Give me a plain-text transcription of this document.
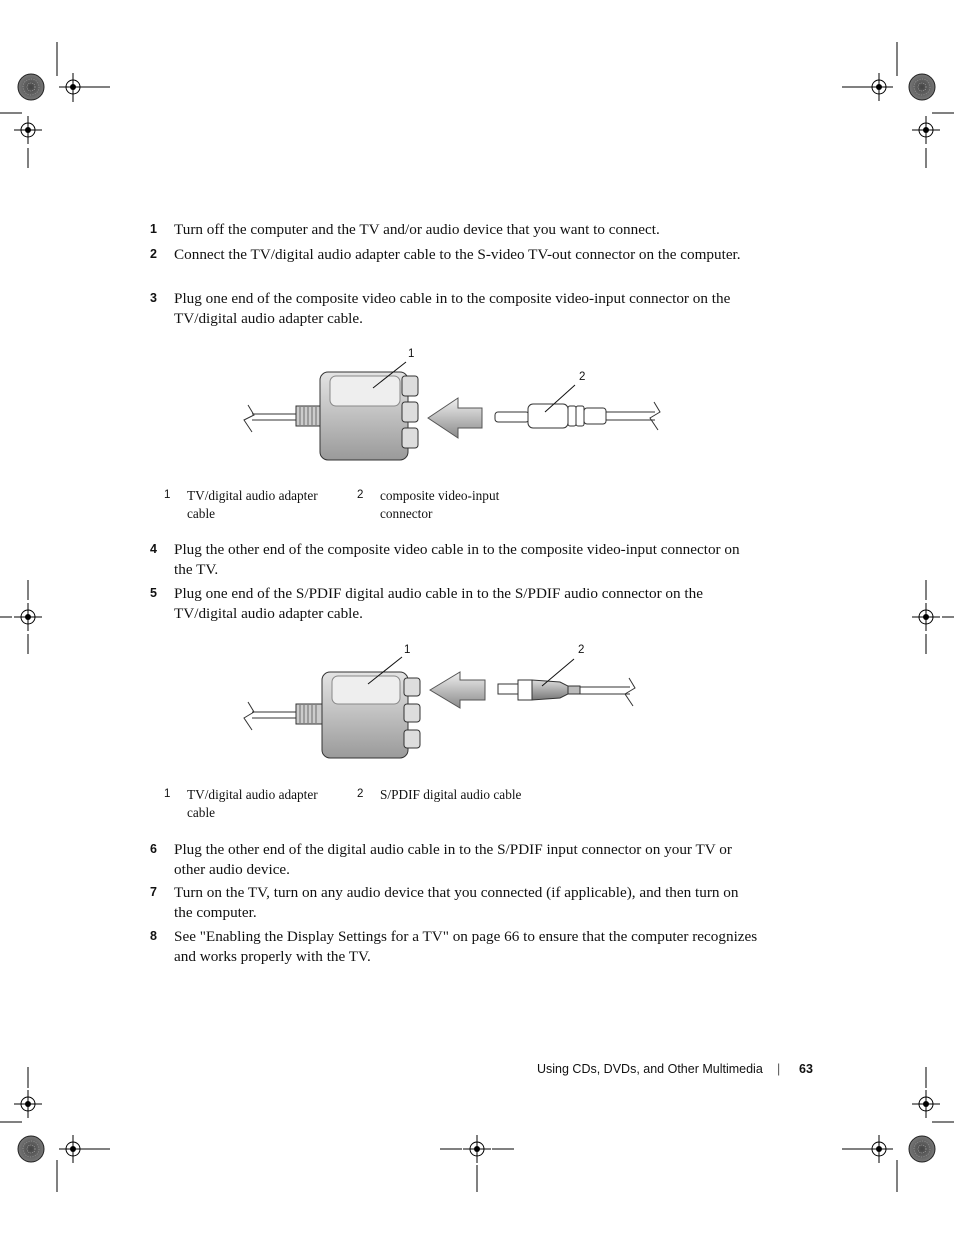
1 Turn off the computer and the TV and/or audio device that you want to connect.
2 Connect the TV/digital audio adapter cable to the S-video TV-out connector on the computer.
3 Plug one end of the composite video cable in to the composite video-input connector on the TV/digital audio adapter cable.
1
2
1 TV/digital audio adapter cable
2 composite video-input connector
4 Plug the other end of the composite video cable in to the composite video-input connector on the TV.
5 Plug one end of the S/PDIF digital audio cable in to the S/PDIF audio connector on the TV/digital audio adapter cable.
1	2
1 TV/digital audio adapter cable
2 S/PDIF digital audio cable
6 Plug the other end of the digital audio cable in to the S/PDIF input connector on your TV or other audio device.
7 Turn on the TV, turn on any audio device that you connected (if applicable), and then turn on the computer.
8 See "Enabling the Display Settings for a TV" on page 66 to ensure that the computer recognizes and works properly with the TV.
Using CDs, DVDs, and Other Multimedia | 63
